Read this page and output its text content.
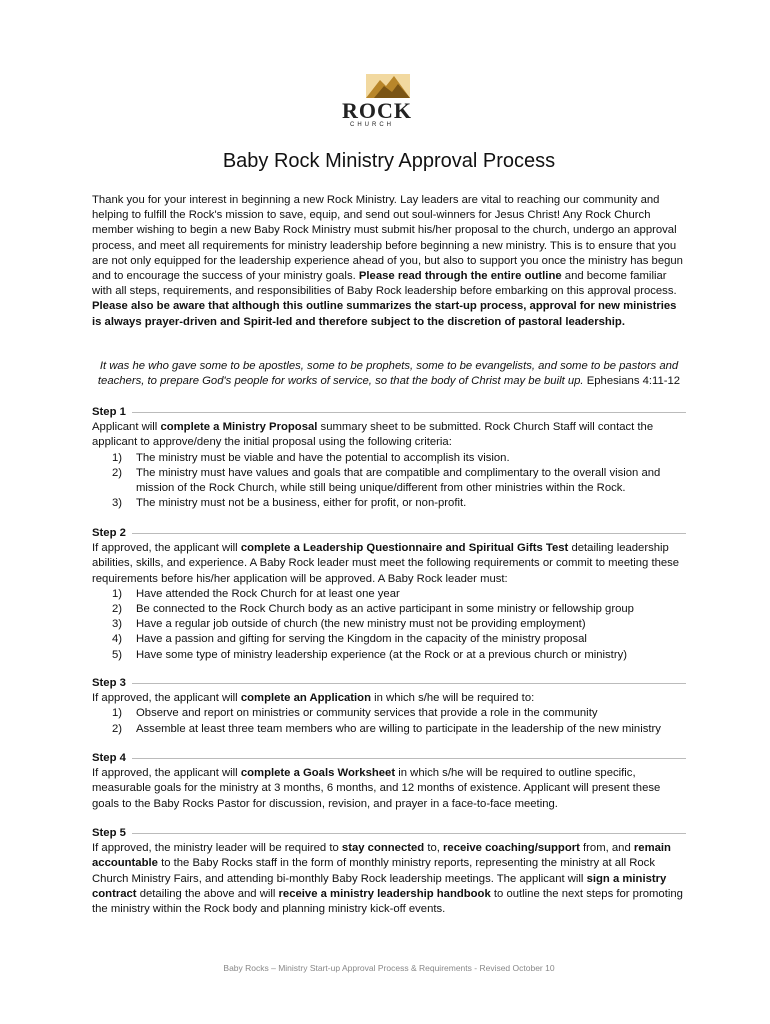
ROCK
CHURCH
Baby Rock Ministry Approval Process

Thank you for your interest in beginning a new Rock Ministry. Lay leaders are vital to reaching our community and helping to fulfill the Rock's mission to save, equip, and send out soul-winners for Jesus Christ! Any Rock Church member wishing to begin a new Baby Rock Ministry must submit his/her proposal to the church, undergo an approval process, and meet all requirements for ministry leadership before beginning a new ministry. This is to ensure that you are not only equipped for the leadership experience ahead of you, but also to support you once the ministry has begun and to encourage the success of your ministry goals. Please read through the entire outline and become familiar with all steps, requirements, and responsibilities of Baby Rock leadership before embarking on this approval process. Please also be aware that although this outline summarizes the start-up process, approval for new ministries is always prayer-driven and Spirit-led and therefore subject to the discretion of pastoral leadership.

It was he who gave some to be apostles, some to be prophets, some to be evangelists, and some to be pastors and teachers, to prepare God's people for works of service, so that the body of Christ may be built up. Ephesians 4:11-12

Step 1

Applicant will complete a Ministry Proposal summary sheet to be submitted. Rock Church Staff will contact the applicant to approve/deny the initial proposal using the following criteria:

1)	The ministry must be viable and have the potential to accomplish its vision.
2)	The ministry must have values and goals that are compatible and complimentary to the overall vision and mission of the Rock Church, while still being unique/different from other ministries within the Rock.
3)	The ministry must not be a business, either for profit, or non-profit.
Step 2

If approved, the applicant will complete a Leadership Questionnaire and Spiritual Gifts Test detailing leadership abilities, skills, and experience. A Baby Rock leader must meet the following requirements or commit to meeting these requirements before his/her application will be approved. A Baby Rock leader must:

1)	Have attended the Rock Church for at least one year
2)	Be connected to the Rock Church body as an active participant in some ministry or fellowship group
3)	Have a regular job outside of church (the new ministry must not be providing employment)
4)	Have a passion and gifting for serving the Kingdom in the capacity of the ministry proposal
5)	Have some type of ministry leadership experience (at the Rock or at a previous church or ministry)
Step 3

If approved, the applicant will complete an Application in which s/he will be required to:

1)	Observe and report on ministries or community services that provide a role in the community
2)	Assemble at least three team members who are willing to participate in the leadership of the new ministry
Step 4

If approved, the applicant will complete a Goals Worksheet in which s/he will be required to outline specific, measurable goals for the ministry at 3 months, 6 months, and 12 months of existence. Applicant will present these goals to the Baby Rocks Pastor for discussion, revision, and prayer in a face-to-face meeting.

Step 5

If approved, the ministry leader will be required to stay connected to, receive coaching/support from, and remain accountable to the Baby Rocks staff in the form of monthly ministry reports, representing the ministry at all Rock Church Ministry Fairs, and attending bi-monthly Baby Rock leadership meetings. The applicant will sign a ministry contract detailing the above and will receive a ministry leadership handbook to outline the next steps for promoting the ministry within the Rock body and planning ministry kick-off events.

Baby Rocks – Ministry Start-up Approval Process & Requirements - Revised October 10
